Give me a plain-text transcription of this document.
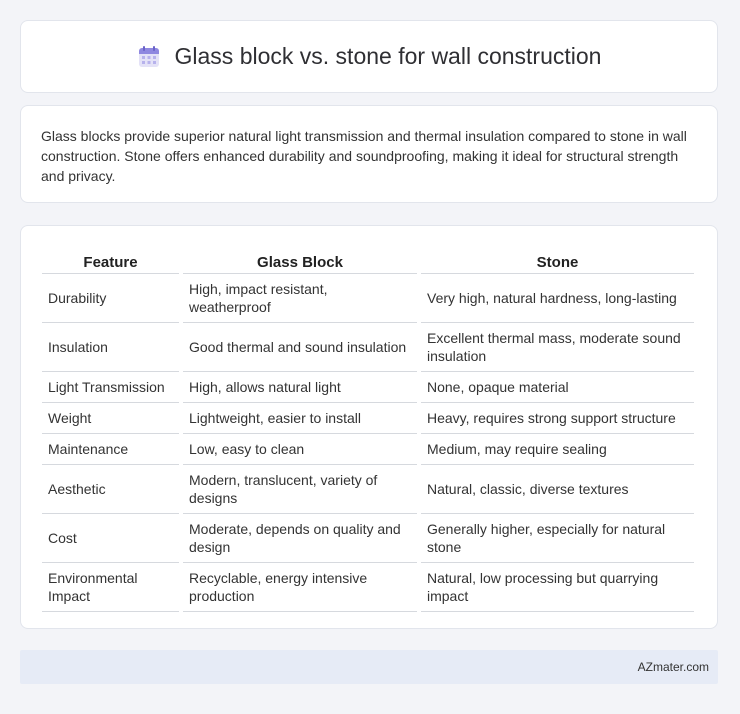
Glass block vs. stone for wall construction

Glass blocks provide superior natural light transmission and thermal insulation compared to stone in wall construction. Stone offers enhanced durability and soundproofing, making it ideal for structural strength and privacy.

Feature	Glass Block	Stone
Durability	High, impact resistant, weatherproof	Very high, natural hardness, long-lasting
Insulation	Good thermal and sound insulation	Excellent thermal mass, moderate sound insulation
Light Transmission	High, allows natural light	None, opaque material
Weight	Lightweight, easier to install	Heavy, requires strong support structure
Maintenance	Low, easy to clean	Medium, may require sealing
Aesthetic	Modern, translucent, variety of designs	Natural, classic, diverse textures
Cost	Moderate, depends on quality and design	Generally higher, especially for natural stone
Environmental Impact	Recyclable, energy intensive production	Natural, low processing but quarrying impact
AZmater.com
